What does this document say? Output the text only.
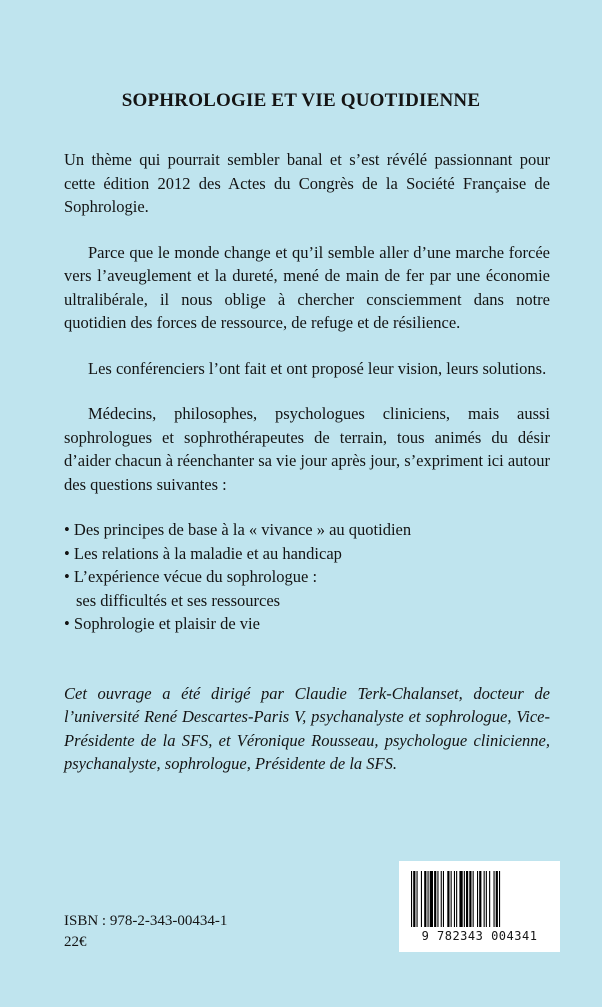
SOPHROLOGIE ET VIE QUOTIDIENNE

Un thème qui pourrait sembler banal et s’est révélé passionnant pour cette édition 2012 des Actes du Congrès de la Société Française de Sophrologie.

Parce que le monde change et qu’il semble aller d’une marche forcée vers l’aveuglement et la dureté, mené de main de fer par une économie ultralibérale, il nous oblige à chercher consciemment dans notre quotidien des forces de ressource, de refuge et de résilience.

Les conférenciers l’ont fait et ont proposé leur vision, leurs solutions.

Médecins, philosophes, psychologues cliniciens, mais aussi sophrologues et sophrothérapeutes de terrain, tous animés du désir d’aider chacun à réenchanter sa vie jour après jour, s’expriment ici autour des questions suivantes :

• Des principes de base à la « vivance » au quotidien
• Les relations à la maladie et au handicap
• L’expérience vécue du sophrologue :
ses difficultés et ses ressources
• Sophrologie et plaisir de vie

Cet ouvrage a été dirigé par Claudie Terk-Chalanset, docteur de l’université René Descartes-Paris V, psychanalyste et sophrologue, Vice-Présidente de la SFS, et Véronique Rousseau, psychologue clinicienne, psychanalyste, sophrologue, Présidente de la SFS.

ISBN : 978-2-343-00434-1
22€	9 782343 004341
